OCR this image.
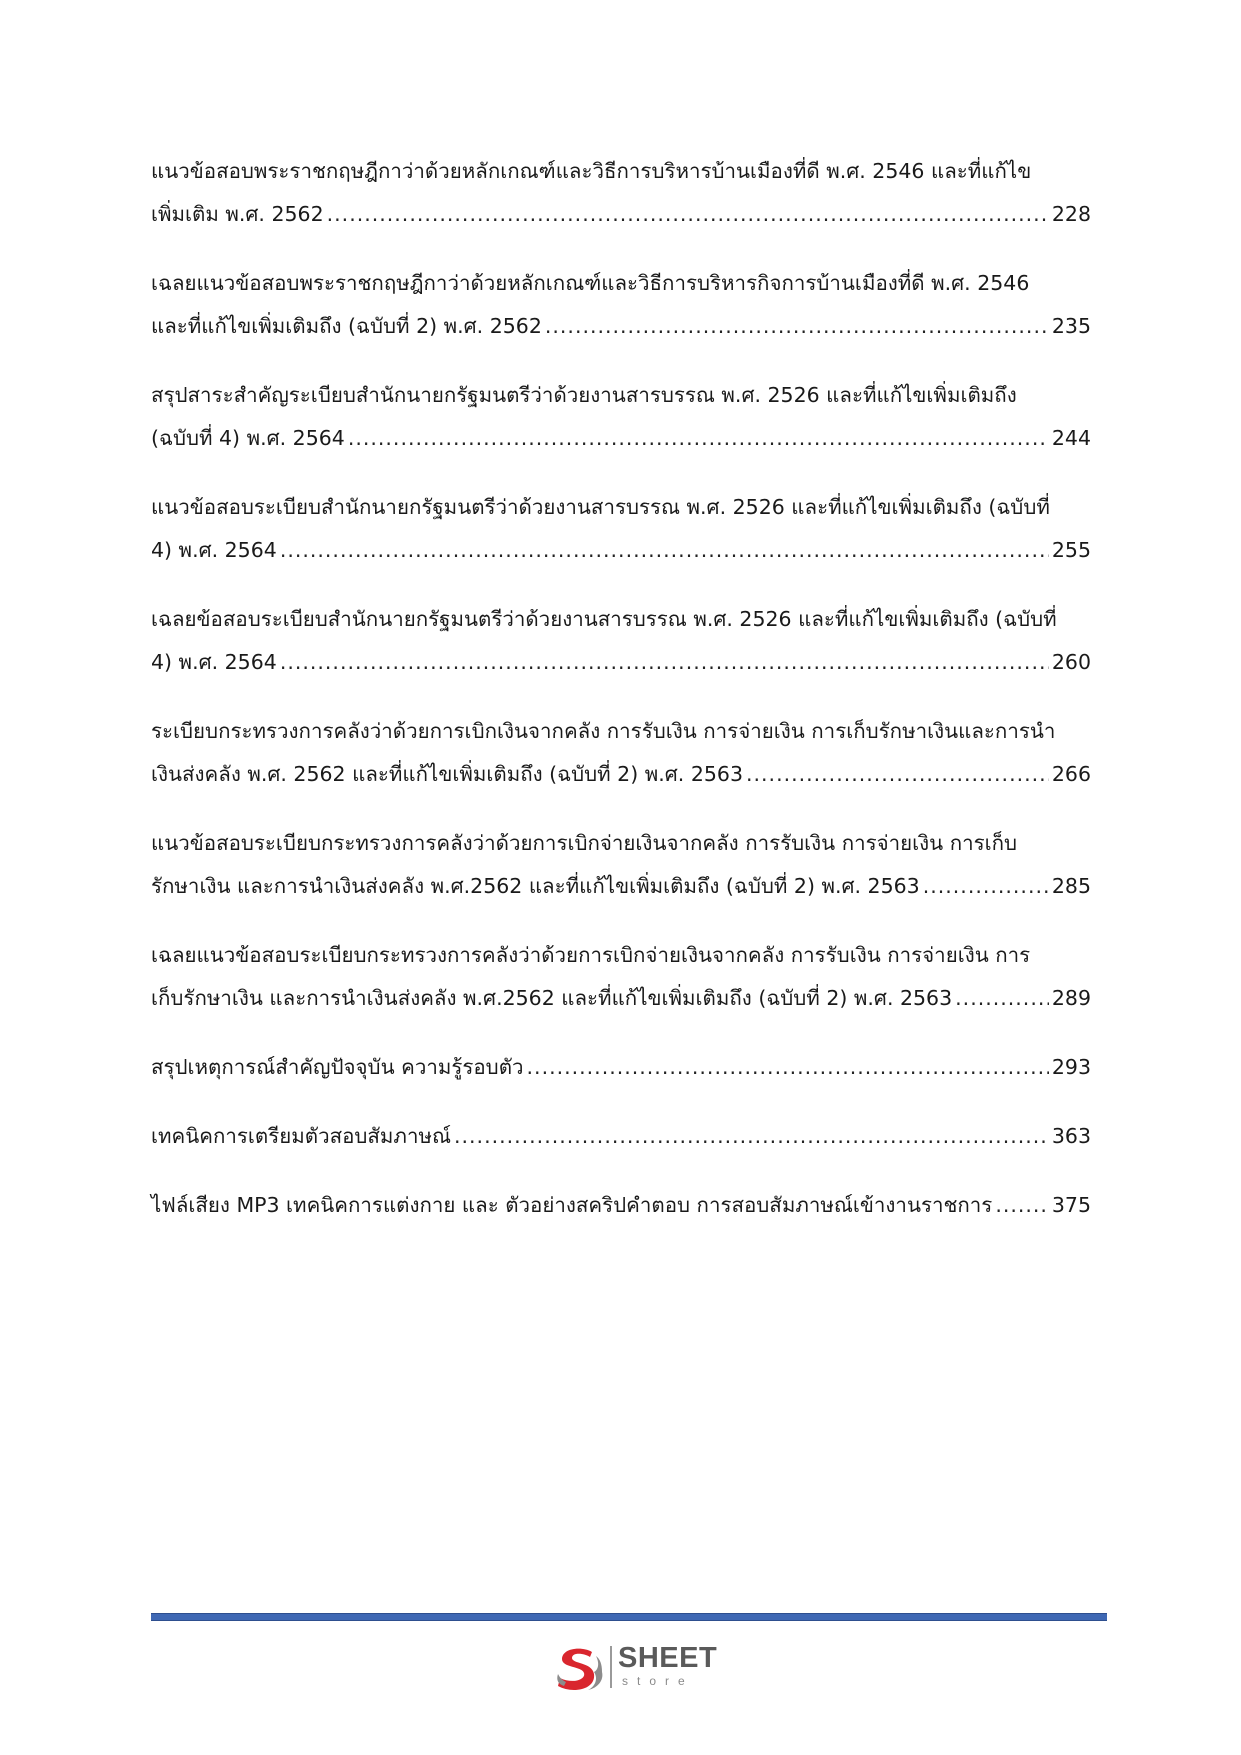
แนวข้อสอบพระราชกฤษฎีกาว่าด้วยหลักเกณฑ์และวิธีการบริหารบ้านเมืองที่ดี พ.ศ. 2546 และที่แก้ไข
เพิ่มเติม พ.ศ. 2562 .....	228
เฉลยแนวข้อสอบพระราชกฤษฎีกาว่าด้วยหลักเกณฑ์และวิธีการบริหารกิจการบ้านเมืองที่ดี พ.ศ. 2546
และที่แก้ไขเพิ่มเติมถึง (ฉบับที่ 2) พ.ศ. 2562 .....	235
สรุปสาระสำคัญระเบียบสำนักนายกรัฐมนตรีว่าด้วยงานสารบรรณ พ.ศ. 2526 และที่แก้ไขเพิ่มเติมถึง
(ฉบับที่ 4) พ.ศ. 2564 .....	244
แนวข้อสอบระเบียบสำนักนายกรัฐมนตรีว่าด้วยงานสารบรรณ พ.ศ. 2526 และที่แก้ไขเพิ่มเติมถึง (ฉบับที่
4) พ.ศ. 2564 .....	255
เฉลยข้อสอบระเบียบสำนักนายกรัฐมนตรีว่าด้วยงานสารบรรณ พ.ศ. 2526 และที่แก้ไขเพิ่มเติมถึง (ฉบับที่
4) พ.ศ. 2564 .....	260
ระเบียบกระทรวงการคลังว่าด้วยการเบิกเงินจากคลัง การรับเงิน การจ่ายเงิน การเก็บรักษาเงินและการนำ
เงินส่งคลัง พ.ศ. 2562 และที่แก้ไขเพิ่มเติมถึง (ฉบับที่ 2) พ.ศ. 2563 .....	266
แนวข้อสอบระเบียบกระทรวงการคลังว่าด้วยการเบิกจ่ายเงินจากคลัง การรับเงิน การจ่ายเงิน การเก็บ
รักษาเงิน และการนำเงินส่งคลัง พ.ศ.2562 และที่แก้ไขเพิ่มเติมถึง (ฉบับที่ 2) พ.ศ. 2563 .....	285
เฉลยแนวข้อสอบระเบียบกระทรวงการคลังว่าด้วยการเบิกจ่ายเงินจากคลัง การรับเงิน การจ่ายเงิน การ
เก็บรักษาเงิน และการนำเงินส่งคลัง พ.ศ.2562 และที่แก้ไขเพิ่มเติมถึง (ฉบับที่ 2) พ.ศ. 2563 .....	289
สรุปเหตุการณ์สำคัญปัจจุบัน ความรู้รอบตัว .....	293
เทคนิคการเตรียมตัวสอบสัมภาษณ์ .....	363
ไฟล์เสียง MP3 เทคนิคการแต่งกาย และ ตัวอย่างสคริปคำตอบ การสอบสัมภาษณ์เข้างานราชการ .....	375
SHEET
store
